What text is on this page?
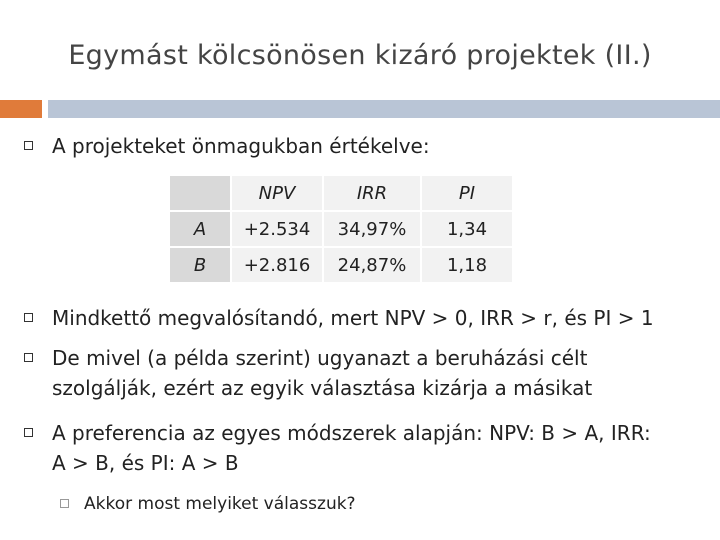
Egymást kölcsönösen kizáró projektek (II.)
A projekteket önmagukban értékelve:
	NPV	IRR	PI
A	+2.534	34,97%	1,34
B	+2.816	24,87%	1,18
Mindkettő megvalósítandó, mert NPV > 0, IRR > r, és PI > 1
De mivel (a példa szerint) ugyanazt a beruházási célt
szolgálják, ezért az egyik választása kizárja a másikat
A preferencia az egyes módszerek alapján: NPV: B > A, IRR:
A > B, és PI: A > B
Akkor most melyiket válasszuk?
